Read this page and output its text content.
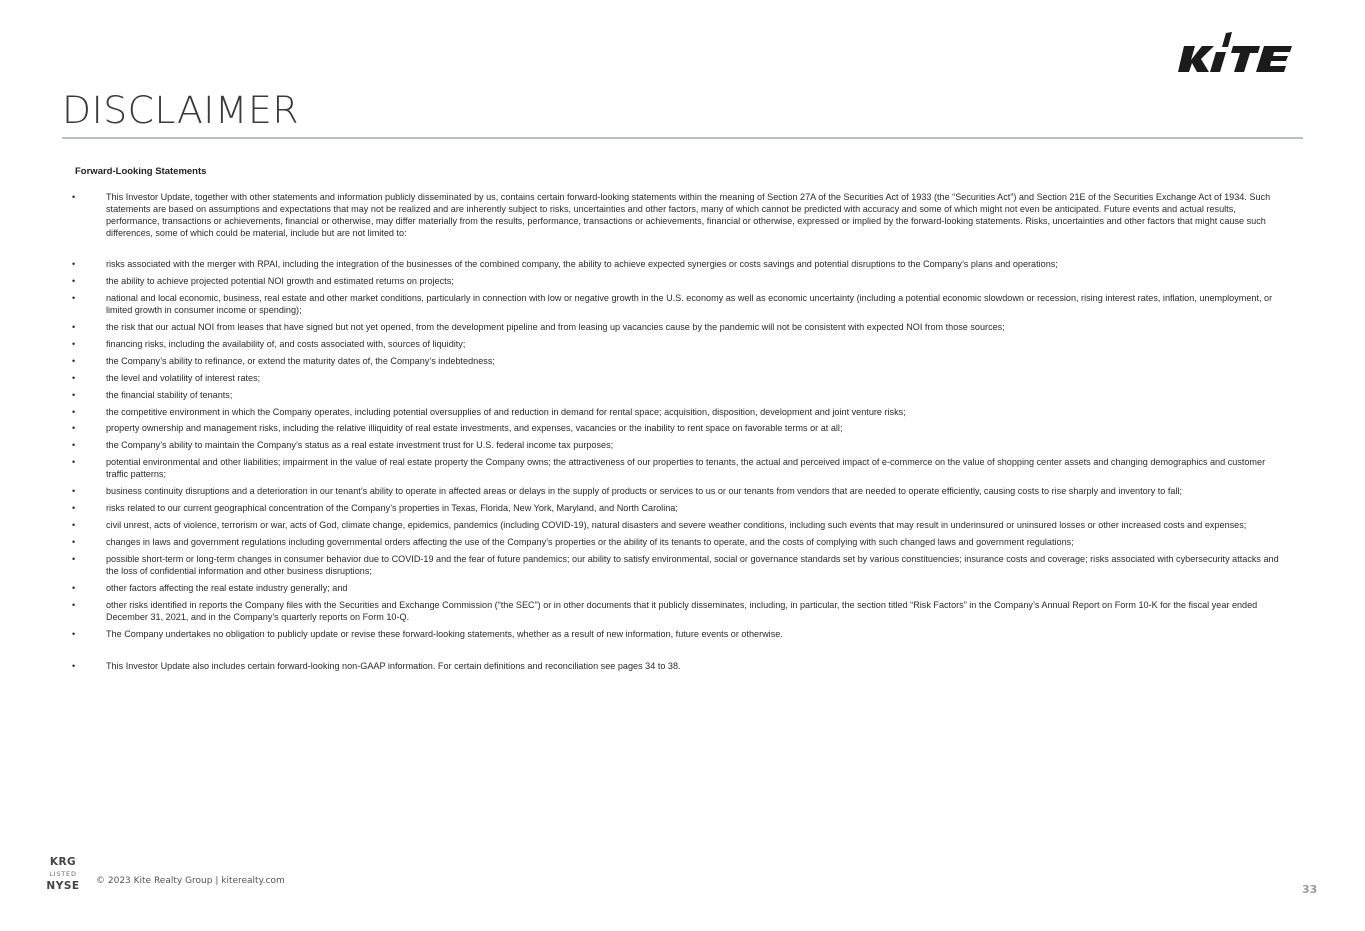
DISCLAIMER
Forward-Looking Statements
•	This Investor Update, together with other statements and information publicly disseminated by us, contains certain forward-looking statements within the meaning of Section 27A of the Securities Act of 1933 (the “Securities Act”) and Section 21E of the Securities Exchange Act of 1934. Such statements are based on assumptions and expectations that may not be realized and are inherently subject to risks, uncertainties and other factors, many of which cannot be predicted with accuracy and some of which might not even be anticipated. Future events and actual results, performance, transactions or achievements, financial or otherwise, may differ materially from the results, performance, transactions or achievements, financial or otherwise, expressed or implied by the forward-looking statements. Risks, uncertainties and other factors that might cause such differences, some of which could be material, include but are not limited to:
•	risks associated with the merger with RPAI, including the integration of the businesses of the combined company, the ability to achieve expected synergies or costs savings and potential disruptions to the Company’s plans and operations;
•	the ability to achieve projected potential NOI growth and estimated returns on projects;
•	national and local economic, business, real estate and other market conditions, particularly in connection with low or negative growth in the U.S. economy as well as economic uncertainty (including a potential economic slowdown or recession, rising interest rates, inflation, unemployment, or limited growth in consumer income or spending);
•	the risk that our actual NOI from leases that have signed but not yet opened, from the development pipeline and from leasing up vacancies cause by the pandemic will not be consistent with expected NOI from those sources;
•	financing risks, including the availability of, and costs associated with, sources of liquidity;
•	the Company’s ability to refinance, or extend the maturity dates of, the Company’s indebtedness;
•	the level and volatility of interest rates;
•	the financial stability of tenants;
•	the competitive environment in which the Company operates, including potential oversupplies of and reduction in demand for rental space; acquisition, disposition, development and joint venture risks;
•	property ownership and management risks, including the relative illiquidity of real estate investments, and expenses, vacancies or the inability to rent space on favorable terms or at all;
•	the Company’s ability to maintain the Company’s status as a real estate investment trust for U.S. federal income tax purposes;
•	potential environmental and other liabilities; impairment in the value of real estate property the Company owns; the attractiveness of our properties to tenants, the actual and perceived impact of e-commerce on the value of shopping center assets and changing demographics and customer traffic patterns;
•	business continuity disruptions and a deterioration in our tenant’s ability to operate in affected areas or delays in the supply of products or services to us or our tenants from vendors that are needed to operate efficiently, causing costs to rise sharply and inventory to fall;
•	risks related to our current geographical concentration of the Company’s properties in Texas, Florida, New York, Maryland, and North Carolina;
•	civil unrest, acts of violence, terrorism or war, acts of God, climate change, epidemics, pandemics (including COVID-19), natural disasters and severe weather conditions, including such events that may result in underinsured or uninsured losses or other increased costs and expenses;
•	changes in laws and government regulations including governmental orders affecting the use of the Company’s properties or the ability of its tenants to operate, and the costs of complying with such changed laws and government regulations;
•	possible short-term or long-term changes in consumer behavior due to COVID-19 and the fear of future pandemics; our ability to satisfy environmental, social or governance standards set by various constituencies; insurance costs and coverage; risks associated with cybersecurity attacks and the loss of confidential information and other business disruptions;
•	other factors affecting the real estate industry generally; and
•	other risks identified in reports the Company files with the Securities and Exchange Commission (“the SEC”) or in other documents that it publicly disseminates, including, in particular, the section titled “Risk Factors” in the Company’s Annual Report on Form 10-K for the fiscal year ended December 31, 2021, and in the Company’s quarterly reports on Form 10-Q.
•	The Company undertakes no obligation to publicly update or revise these forward-looking statements, whether as a result of new information, future events or otherwise.
•	This Investor Update also includes certain forward-looking non-GAAP information. For certain definitions and reconciliation see pages 34 to 38.
KRG
LISTED
NYSE © 2023 Kite Realty Group | kiterealty.com
33
